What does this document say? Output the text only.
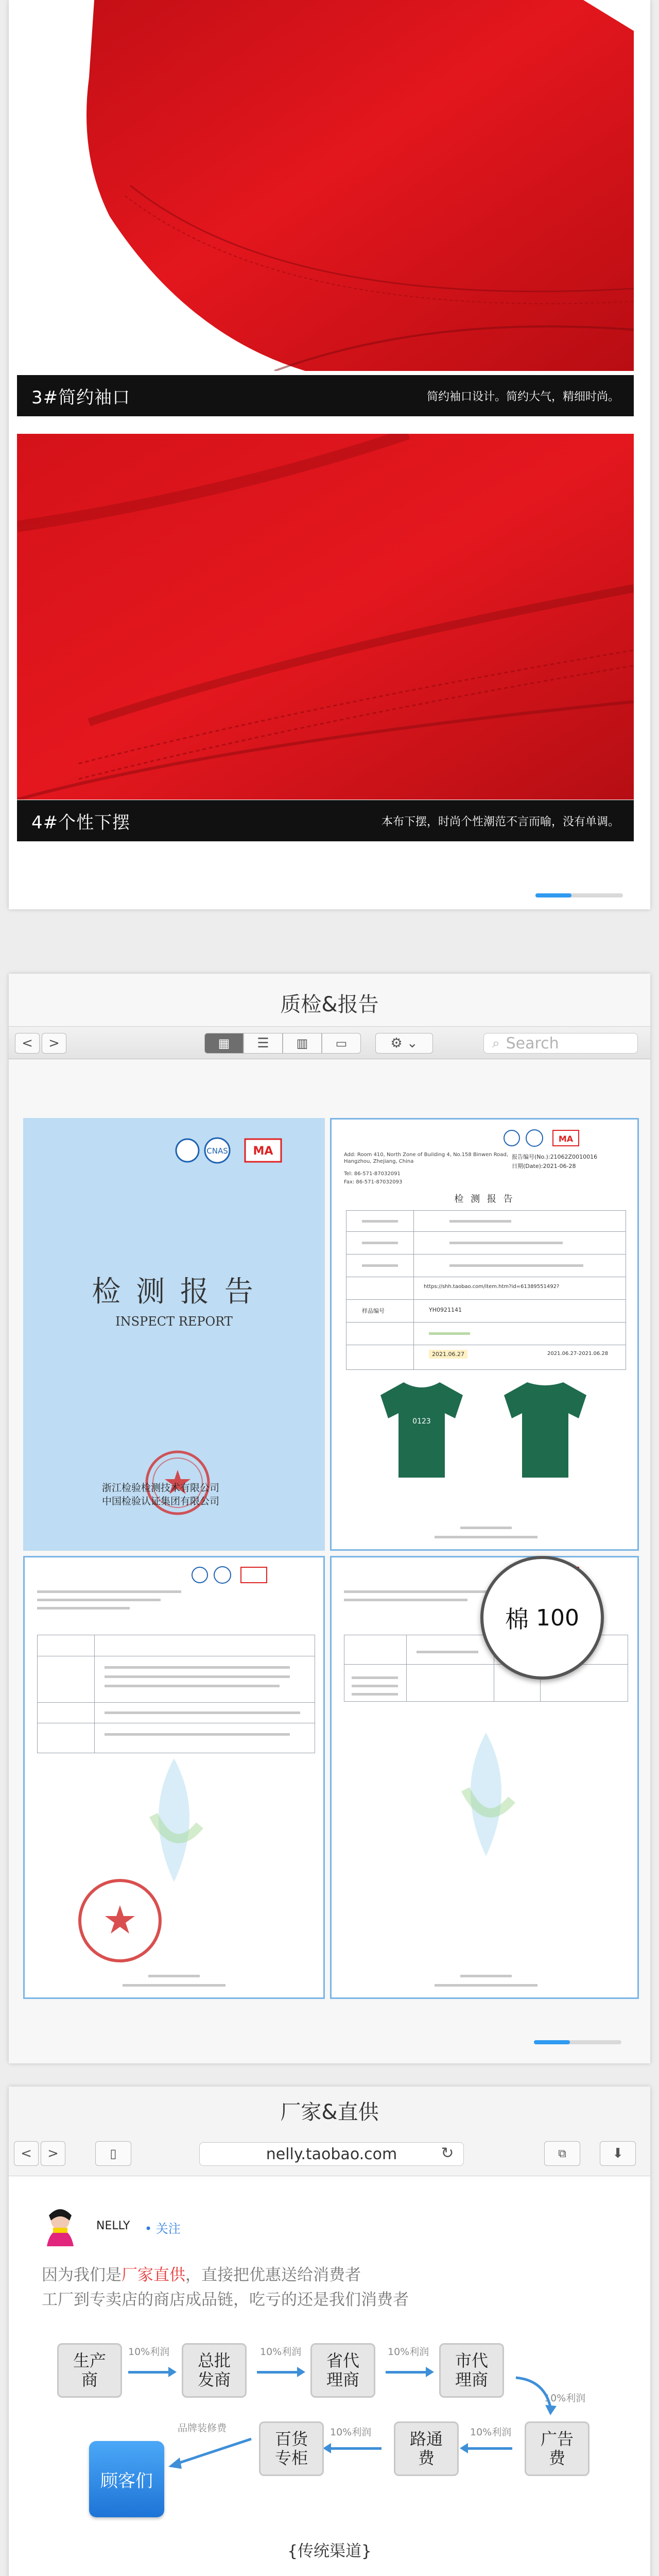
3#简约袖口	简约袖口设计。简约大气，精细时尚。
4#个性下摆	本布下摆，时尚个性潮范不言而喻，没有单调。
质检&报告
< >	▦ ☰ ▥ ▭	⚙ ⌄	⌕ Search
CNAS MA
检 测 报 告
INSPECT REPORT
浙江检验检测技术有限公司
中国检验认证集团有限公司
MA
报告编号(No.):21062Z0010016
日期(Date):2021-06-28
Add: Room 410, North Zone of Building 4, No.158 Binwen Road, Hangzhou, Zhejiang, China
Tel: 86-571-87032091
Fax: 86-571-87032093
检 测 报 告
https://shh.taobao.com/item.htm?id=61389551492?
样品编号	YH0921141
2021.06.27	2021.06.27-2021.06.28
0123
棉 100
厂家&直供
< >	▯	nelly.taobao.com	↻	⧉	⬇
NELLY • 关注
因为我们是厂家直供，直接把优惠送给消费者
工厂到专卖店的商店成品链，吃亏的还是我们消费者
生产商
10%利润 总批发商
10%利润 省代理商
10%利润 市代理商
10%利润
广告费
10%利润
路通费
10%利润
百货专柜
品牌装修费
顾客们
{传统渠道}
